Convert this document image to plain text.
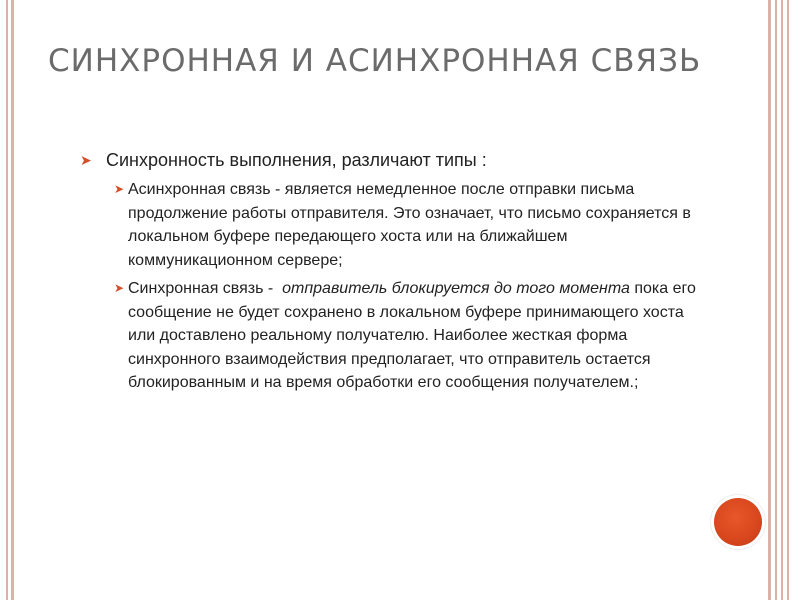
СИНХРОННАЯ И АСИНХРОННАЯ СВЯЗЬ
➤ Синхронность выполнения, различают типы :
➤ Асинхронная связь - является немедленное после отправки письма продолжение работы отправителя. Это означает, что письмо сохраняется в локальном буфере передающего хоста или на ближайшем коммуникационном сервере;
➤ Синхронная связь -  отправитель блокируется до того момента пока его сообщение не будет сохранено в локальном буфере принимающего хоста или доставлено реальному получателю. Наиболее жесткая форма синхронного взаимодействия предполагает, что отправитель остается блокированным и на время обработки его сообщения получателем.;
